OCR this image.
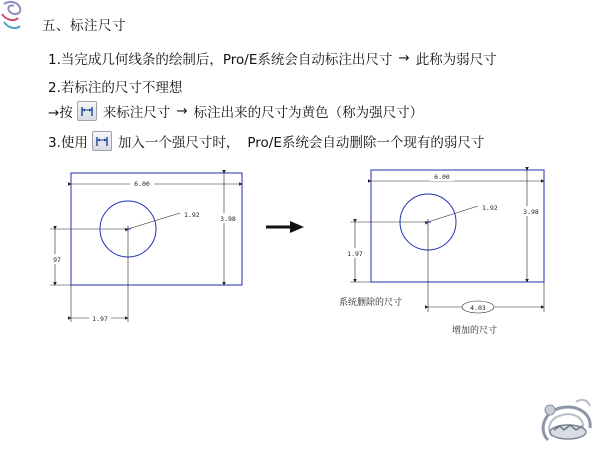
五、标注尺寸
1.当完成几何线条的绘制后，Pro/E系统会自动标注出尺寸 → 此称为弱尺寸
2.若标注的尺寸不理想
→按 来标注尺寸 → 标注出来的尺寸为黄色（称为强尺寸）
3.使用 加入一个强尺寸时， Pro/E系统会自动删除一个现有的弱尺寸
6.00
1.92	3.98
97
1.97
6.00
1.92	3.98
1.97
4.03
系统删除的尺寸
增加的尺寸
